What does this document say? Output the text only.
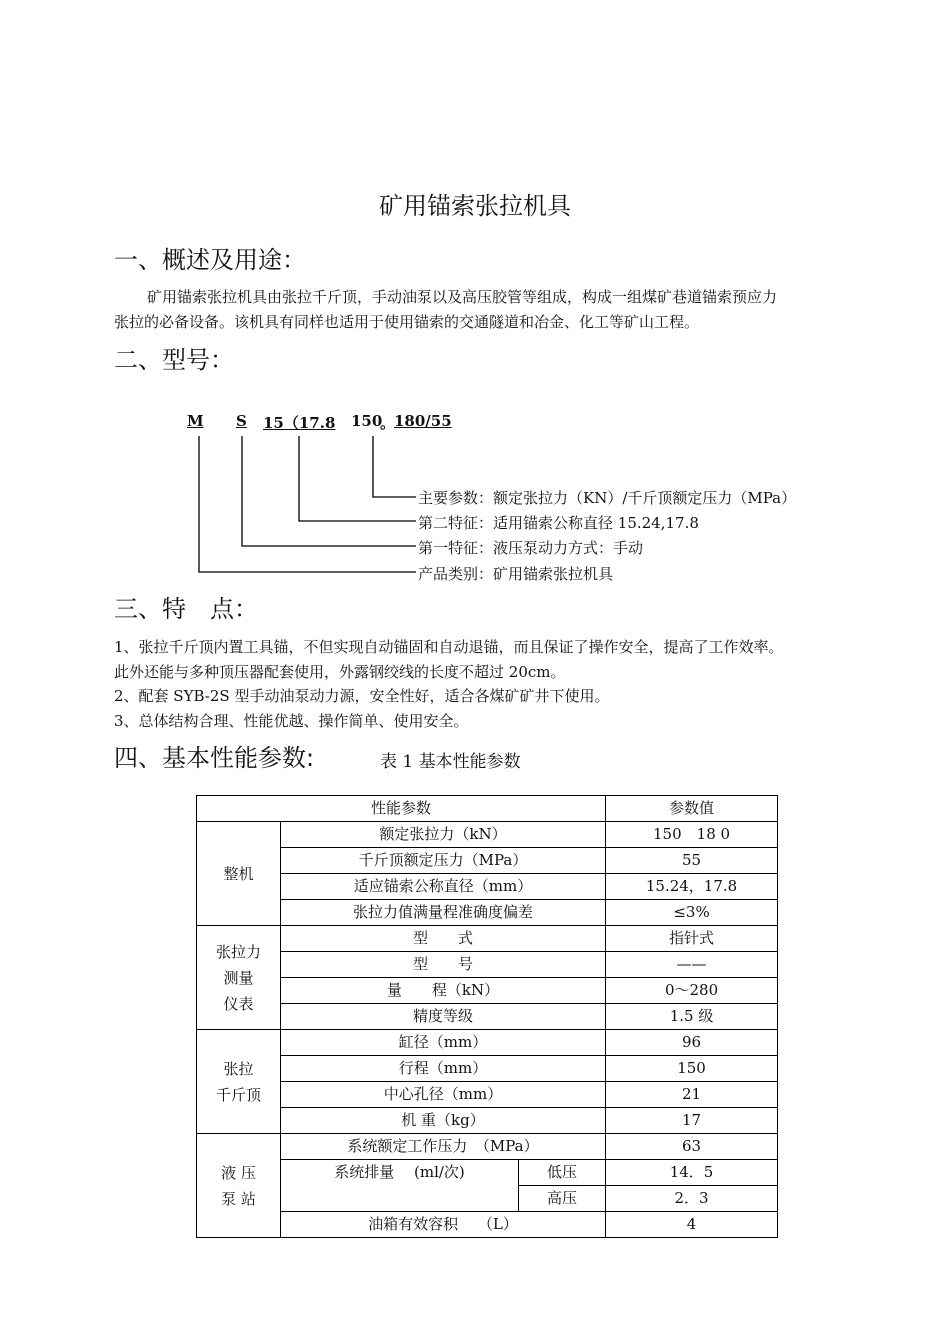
矿用锚索张拉机具
一、概述及用途：
矿用锚索张拉机具由张拉千斤顶，手动油泵以及高压胶管等组成，构成一组煤矿巷道锚索预应力
张拉的必备设备。该机具有同样也适用于使用锚索的交通隧道和冶金、化工等矿山工程。
二、型号：
M S 15（17.8 150
。
180/55
主要参数：额定张拉力（KN）/千斤顶额定压力（MPa）
第二特征：适用锚索公称直径 15.24,17.8
第一特征：液压泵动力方式：手动
产品类别：矿用锚索张拉机具
三、特　点：
1、张拉千斤顶内置工具锚，不但实现自动锚固和自动退锚，而且保证了操作安全，提高了工作效率。
此外还能与多种顶压器配套使用，外露钢绞线的长度不超过 20cm。
2、配套 SYB-2S 型手动油泵动力源，安全性好，适合各煤矿矿井下使用。
3、总体结构合理、性能优越、操作简单、使用安全。
四、基本性能参数:	表 1 基本性能参数
性能参数			参数值
整机	额定张拉力（kN）		150　18 0
	千斤顶额定压力（MPa）		55
	适应锚索公称直径（mm）		15.24，17.8
	张拉力值满量程准确度偏差		≤3%
张拉力
测量
仪表	型　　式		指针式
	型　　号		——
	量　　程（kN）		0～280
	精度等级		1.5 级
张拉
千斤顶	缸径（mm）		96
	行程（mm）		150
	中心孔径（mm）		21
	机 重（kg）		17
液 压
泵 站	系统额定工作压力　（MPa）		63
	系统排量　 (ml/次)	低压	14．5
		高压	2．3
	油箱有效容积　 （L）		4
